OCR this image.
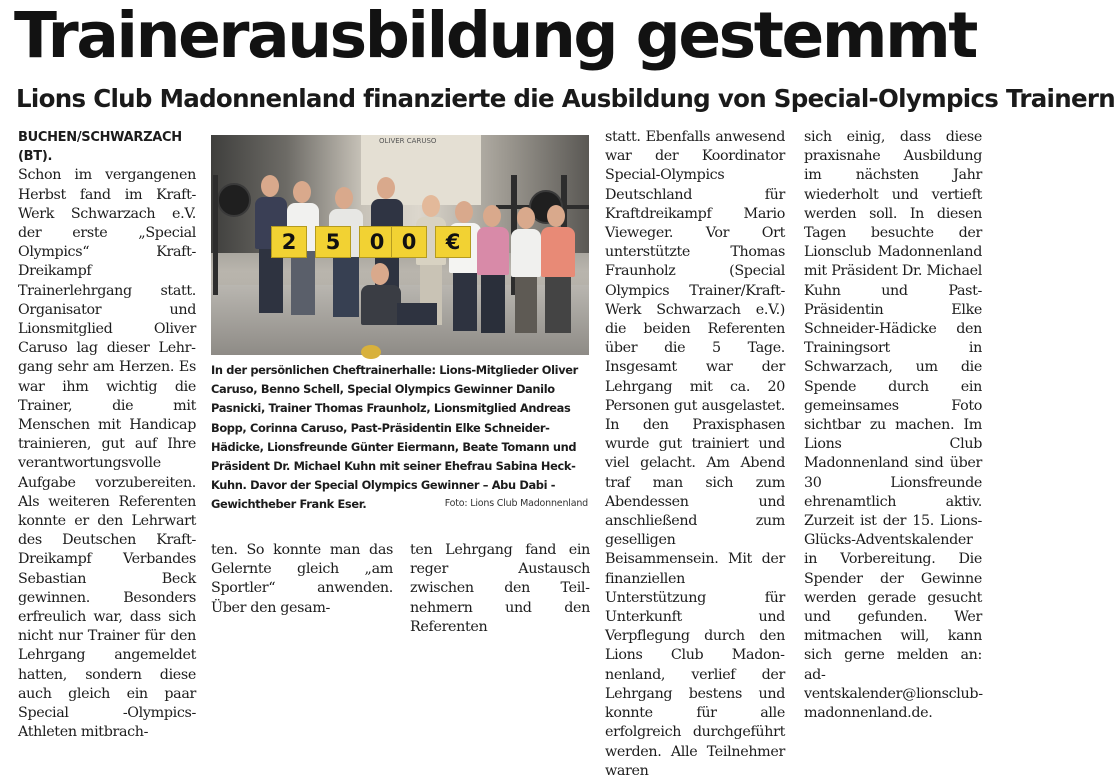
Trainerausbildung gestemmt
Lions Club Madonnenland finanzierte die Ausbildung von Special-Olympics Trainern

BUCHEN/SCHWARZACH (BT).
Schon im vergangenen Herbst fand im Kraft-Werk Schwarzach e.V. der erste „Special Olympics“ Kraft-Dreikampf Trainerlehrgang statt. Organisator und Lionsmitglied Oliver Caruso lag dieser Lehrgang sehr am Herzen. Es war ihm wichtig die Trainer, die mit Menschen mit Handicap trainieren, gut auf Ihre verantwortungsvolle Aufgabe vorzubereiten. Als weiteren Referenten konnte er den Lehrwart des Deutschen Kraft-Dreikampf Verbandes Sebastian Beck gewinnen. Besonders erfreulich war, dass sich nicht nur Trainer für den Lehrgang angemeldet hatten, sondern diese auch gleich ein paar Special -Olympics-Athleten mitbrach-

OLIVER CARUSO
2	5	0 0	€

In der persönlichen Cheftrainerhalle: Lions-Mitglieder Oliver Caruso, Benno Schell, Special Olympics Gewinner Danilo Pasnicki, Trainer Thomas Fraunholz, Lionsmitglied Andreas Bopp, Corinna Caruso, Past-Präsidentin Elke Schneider-Hädicke, Lionsfreunde Günter Eiermann, Beate Tomann und Präsident Dr. Michael Kuhn mit seiner Ehefrau Sabina Heck-Kuhn. Davor der Special Olympics Gewinner – Abu Dabi - Gewichtheber Frank Eser.	Foto: Lions Club Madonnenland

ten. So konnte man das Gelernte gleich „am Sportler“ anwenden. Über den gesam-

ten Lehrgang fand ein reger Austausch zwischen den Teilnehmern und den Referenten

statt. Ebenfalls anwesend war der Koordinator Special-Olympics Deutschland für Kraftdreikampf Mario Vieweger. Vor Ort unterstützte Thomas Fraunholz (Special Olympics Trainer/Kraft-Werk Schwarzach e.V.) die beiden Referenten über die 5 Tage. Insgesamt war der Lehrgang mit ca. 20 Personen gut ausgelastet. In den Praxisphasen wurde gut trainiert und viel gelacht. Am Abend traf man sich zum Abendessen und anschließend zum geselligen Beisammensein. Mit der finanziellen Unterstützung für Unterkunft und Verpflegung durch den Lions Club Madonnenland, verlief der Lehrgang bestens und konnte für alle erfolgreich durchgeführt werden. Alle Teilnehmer waren

sich einig, dass diese praxisnahe Ausbildung im nächsten Jahr wiederholt und vertieft werden soll. In diesen Tagen besuchte der Lionsclub Madonnenland mit Präsident Dr. Michael Kuhn und Past-Präsidentin Elke Schneider-Hädicke den Trainingsort in Schwarzach, um die Spende durch ein gemeinsames Foto sichtbar zu machen. Im Lions Club Madonnenland sind über 30 Lionsfreunde ehrenamtlich aktiv. Zurzeit ist der 15. Lions-Glücks-Adventskalender in Vorbereitung. Die Spender der Gewinne werden gerade gesucht und gefunden. Wer mitmachen will, kann sich gerne melden an: adventskalender@lionsclubmadonnenland.de.
